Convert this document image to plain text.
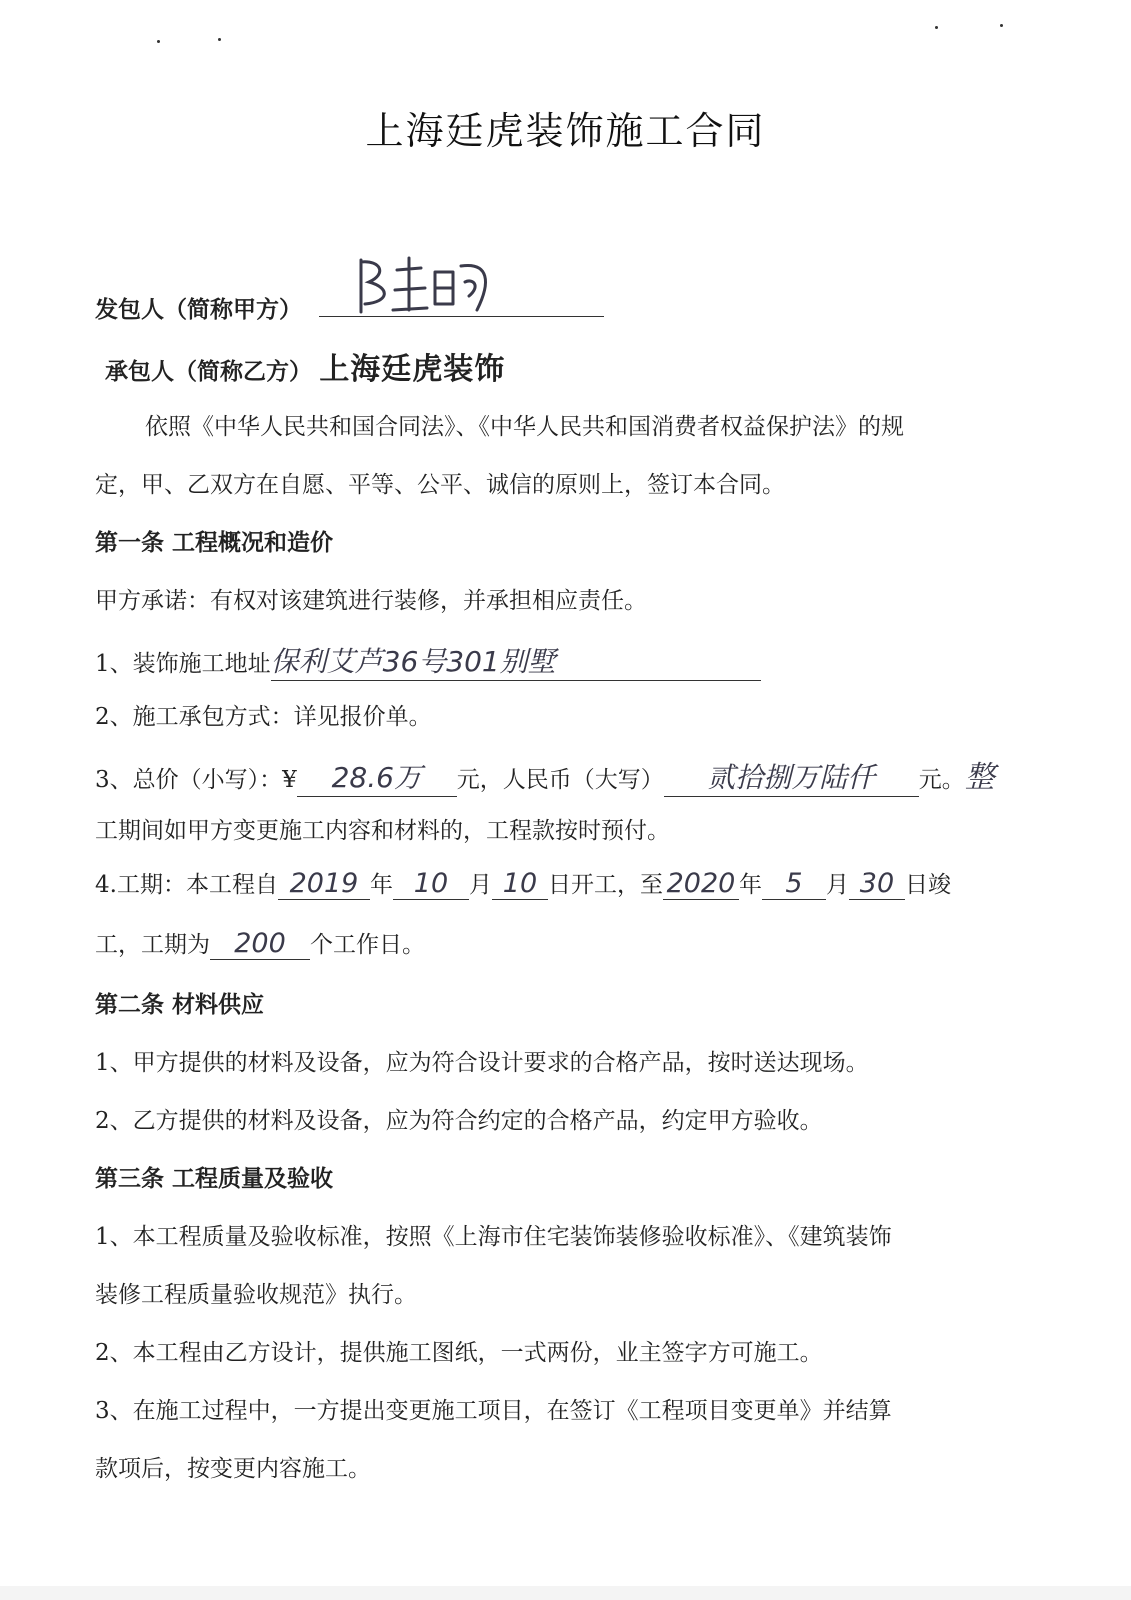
上海廷虎装饰施工合同
发包人（简称甲方）
承包人（简称乙方） 上海廷虎装饰
依照《中华人民共和国合同法》、《中华人民共和国消费者权益保护法》的规
定，甲、乙双方在自愿、平等、公平、诚信的原则上，签订本合同。
第一条 工程概况和造价
甲方承诺：有权对该建筑进行装修，并承担相应责任。
1、装饰施工地址保利艾芦36号301别墅
2、施工承包方式：详见报价单。
3、总价（小写）：¥ 28.6万 元，人民币（大写） 贰拾捌万陆仟 元。整
工期间如甲方变更施工内容和材料的，工程款按时预付。
4.工期：本工程自 2019 年 10 月 10 日开工，至 2020 年 5 月 30 日竣
工，工期为 200 个工作日。
第二条 材料供应
1、甲方提供的材料及设备，应为符合设计要求的合格产品，按时送达现场。
2、乙方提供的材料及设备，应为符合约定的合格产品，约定甲方验收。
第三条 工程质量及验收
1、本工程质量及验收标准，按照《上海市住宅装饰装修验收标准》、《建筑装饰
装修工程质量验收规范》执行。
2、本工程由乙方设计，提供施工图纸，一式两份，业主签字方可施工。
3、在施工过程中，一方提出变更施工项目，在签订《工程项目变更单》并结算
款项后，按变更内容施工。
